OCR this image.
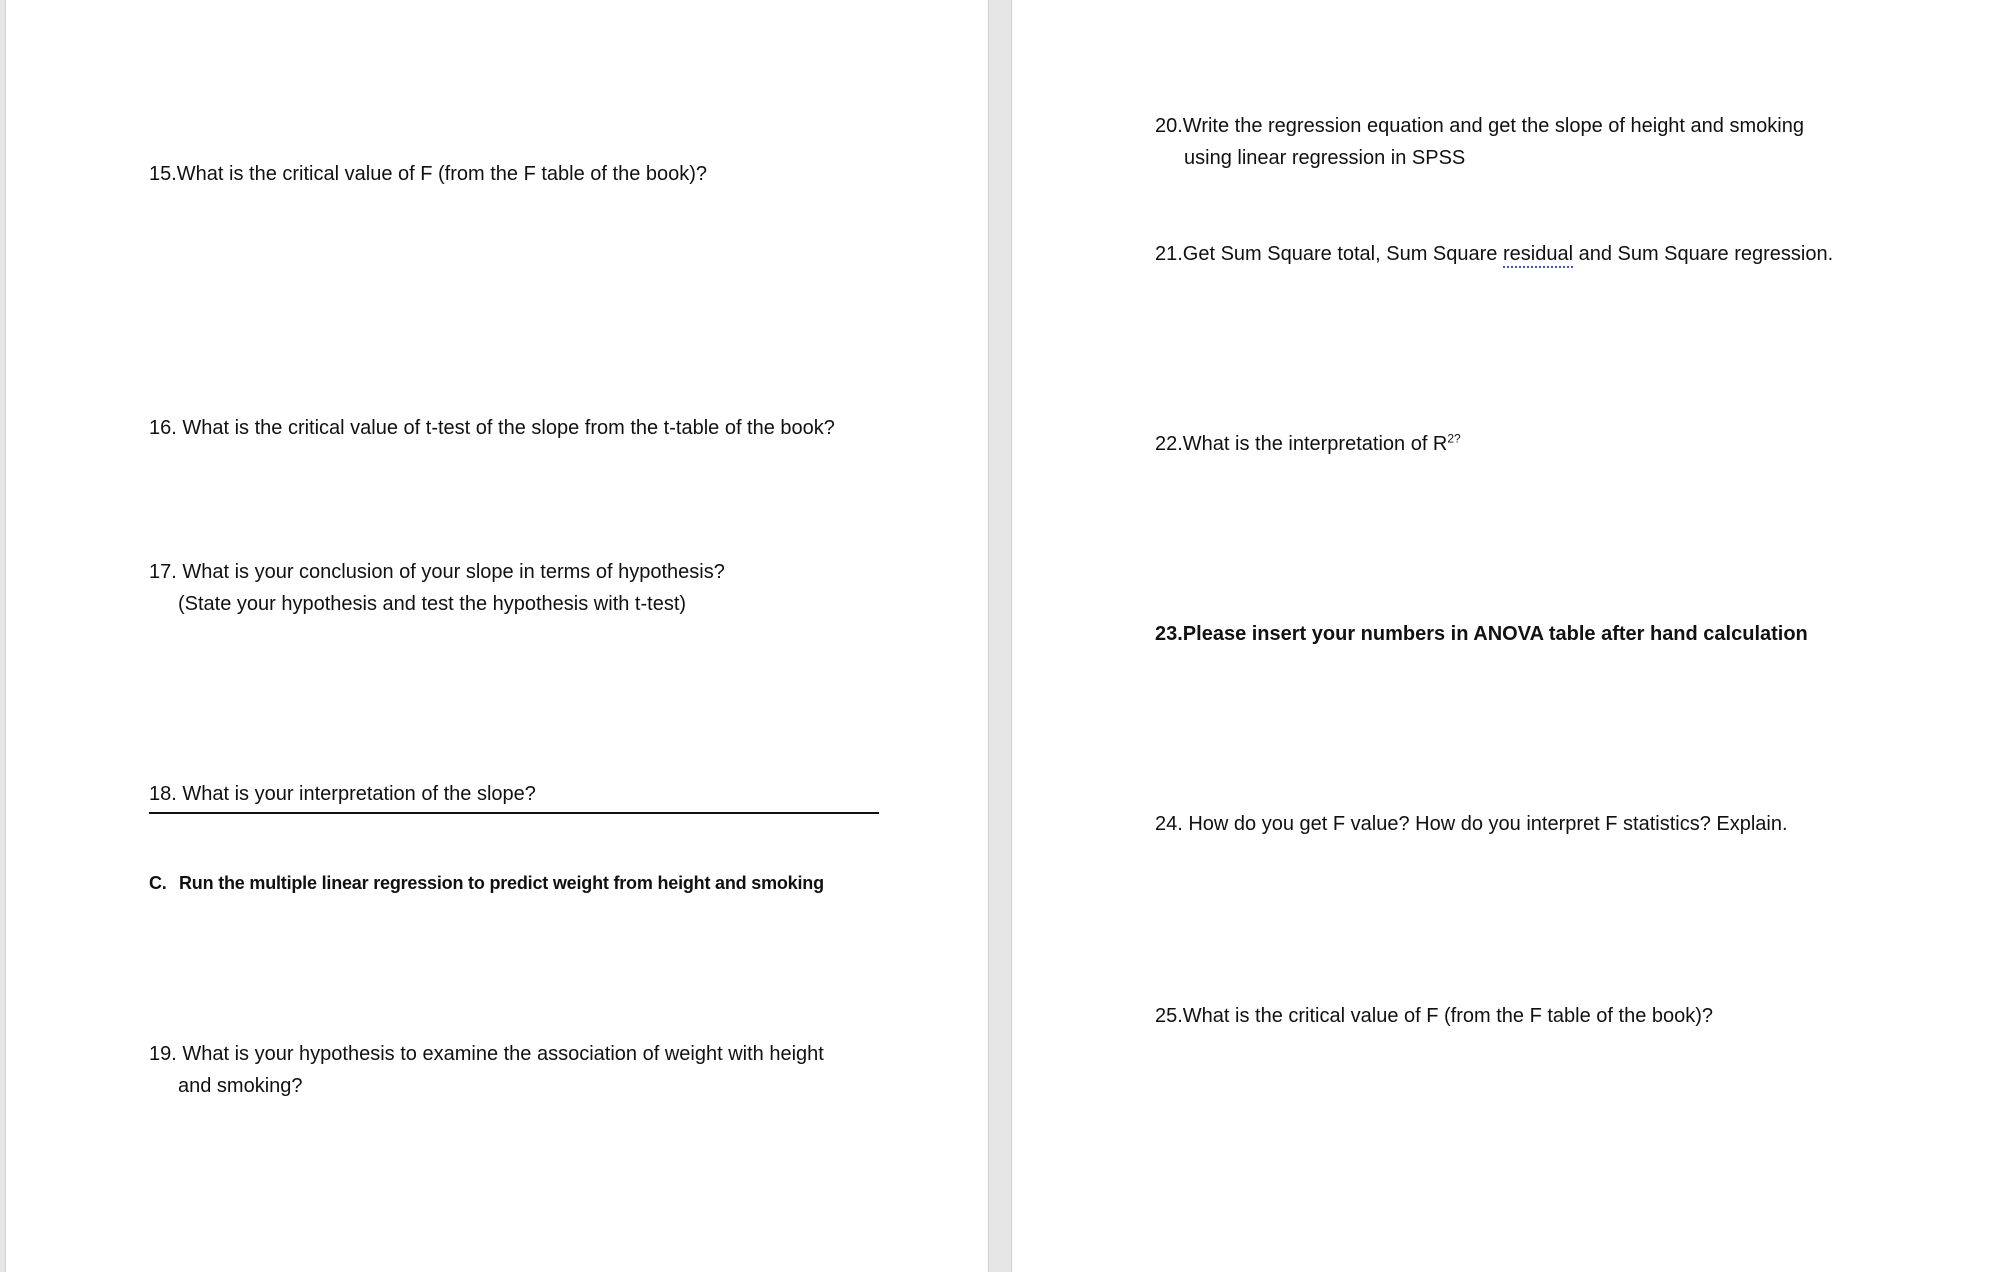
15.What is the critical value of F (from the F table of the book)?

16. What is the critical value of t-test of the slope from the t-table of the book?

17. What is your conclusion of your slope in terms of hypothesis?
(State your hypothesis and test the hypothesis with t-test)

18. What is your interpretation of the slope?

C. Run the multiple linear regression to predict weight from height and smoking

19. What is your hypothesis to examine the association of weight with height
and smoking?

20.Write the regression equation and get the slope of height and smoking
using linear regression in SPSS

21.Get Sum Square total, Sum Square residual and Sum Square regression.

22.What is the interpretation of $R^{2?}$

23.Please insert your numbers in ANOVA table after hand calculation

24. How do you get F value? How do you interpret F statistics? Explain.

25.What is the critical value of F (from the F table of the book)?
